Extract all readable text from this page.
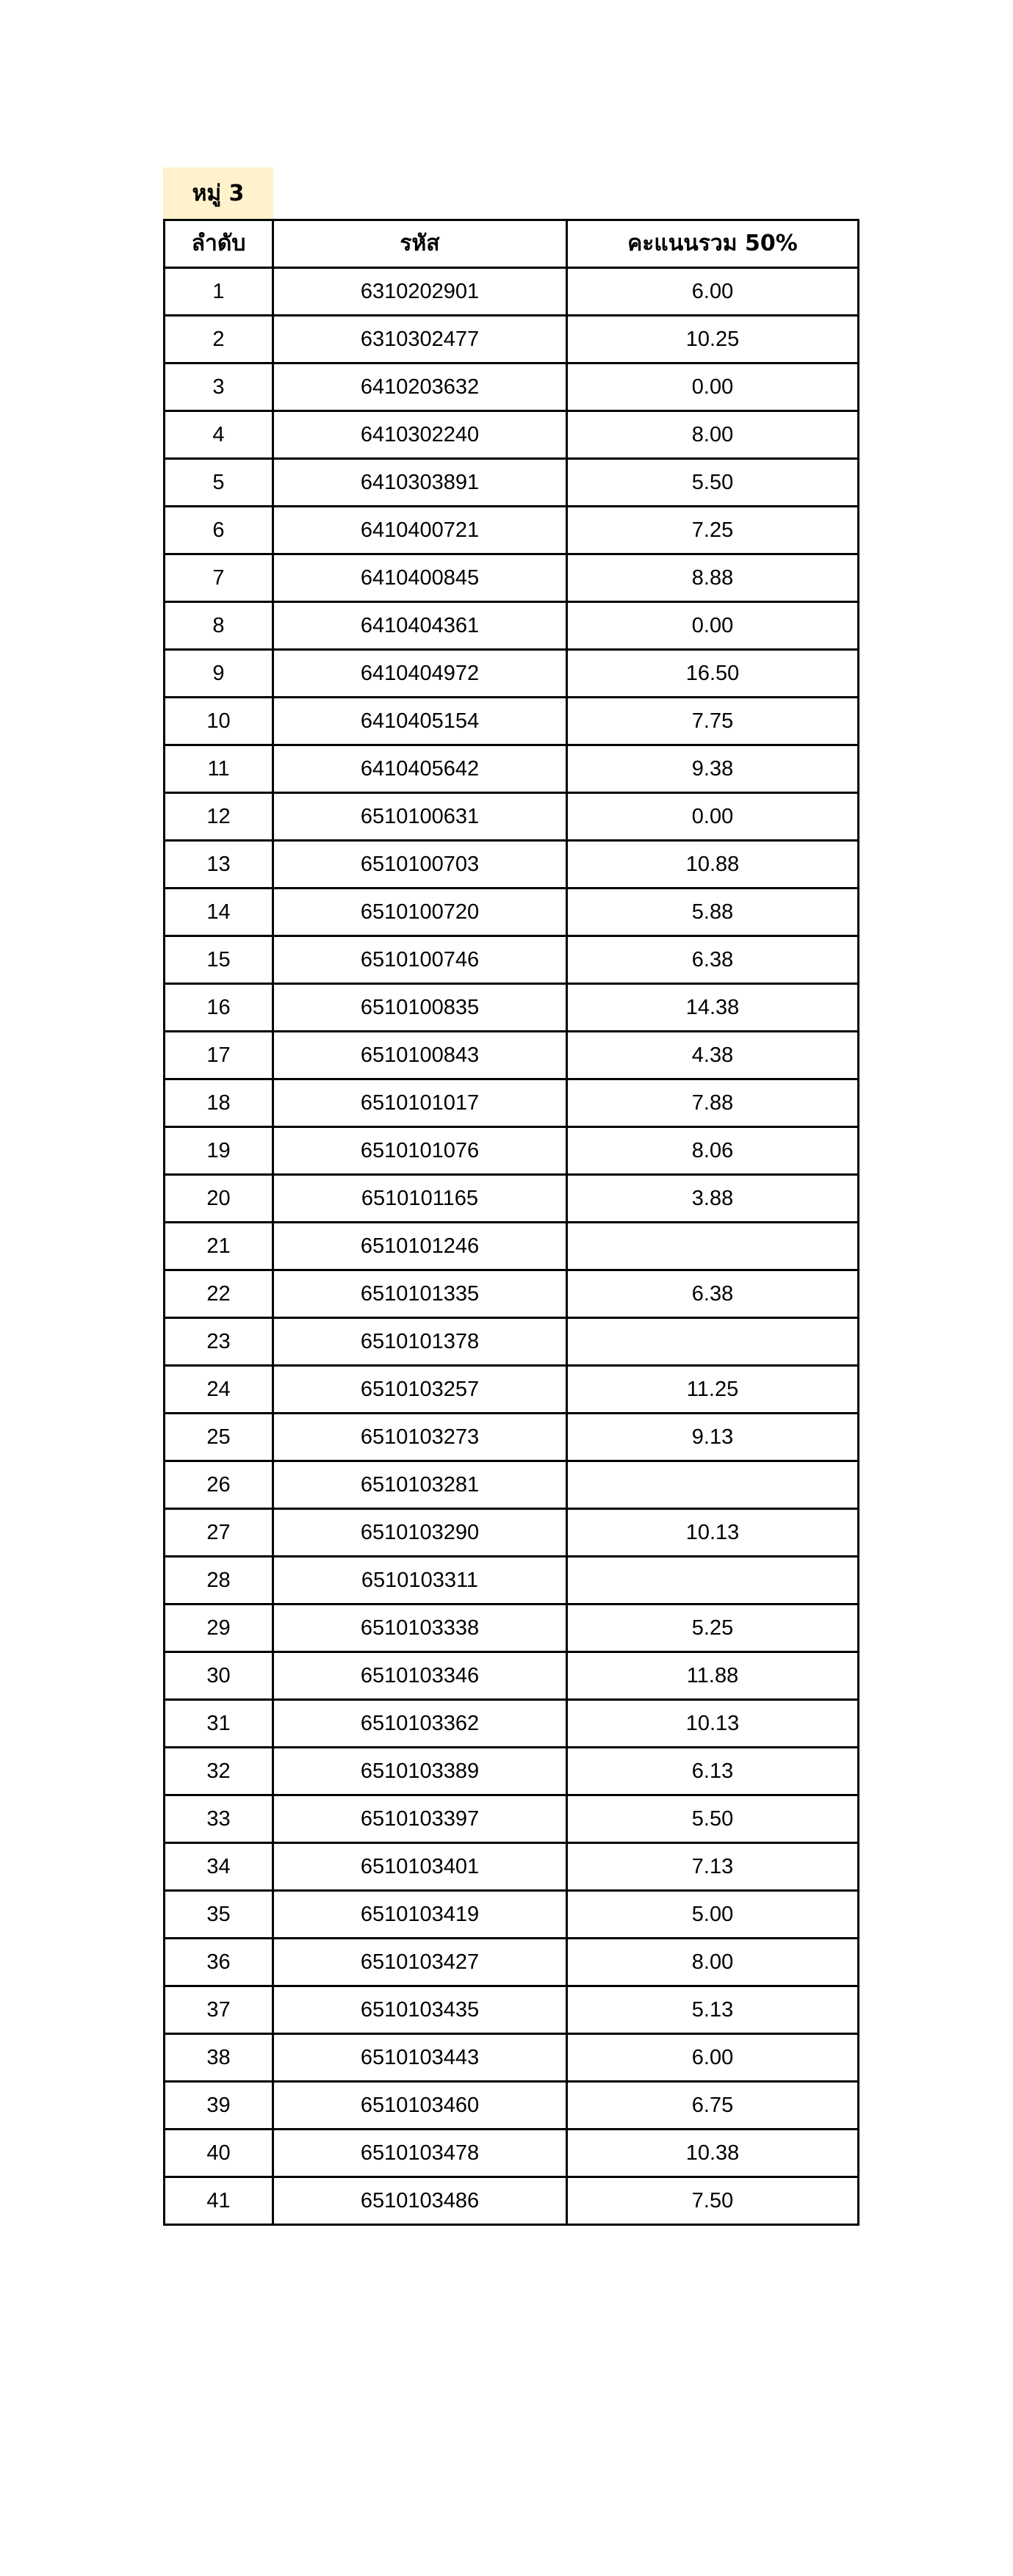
หมู่ 3
ลำดับ	รหัส	คะแนนรวม 50%
1	6310202901	6.00
2	6310302477	10.25
3	6410203632	0.00
4	6410302240	8.00
5	6410303891	5.50
6	6410400721	7.25
7	6410400845	8.88
8	6410404361	0.00
9	6410404972	16.50
10	6410405154	7.75
11	6410405642	9.38
12	6510100631	0.00
13	6510100703	10.88
14	6510100720	5.88
15	6510100746	6.38
16	6510100835	14.38
17	6510100843	4.38
18	6510101017	7.88
19	6510101076	8.06
20	6510101165	3.88
21	6510101246	
22	6510101335	6.38
23	6510101378	
24	6510103257	11.25
25	6510103273	9.13
26	6510103281	
27	6510103290	10.13
28	6510103311	
29	6510103338	5.25
30	6510103346	11.88
31	6510103362	10.13
32	6510103389	6.13
33	6510103397	5.50
34	6510103401	7.13
35	6510103419	5.00
36	6510103427	8.00
37	6510103435	5.13
38	6510103443	6.00
39	6510103460	6.75
40	6510103478	10.38
41	6510103486	7.50
